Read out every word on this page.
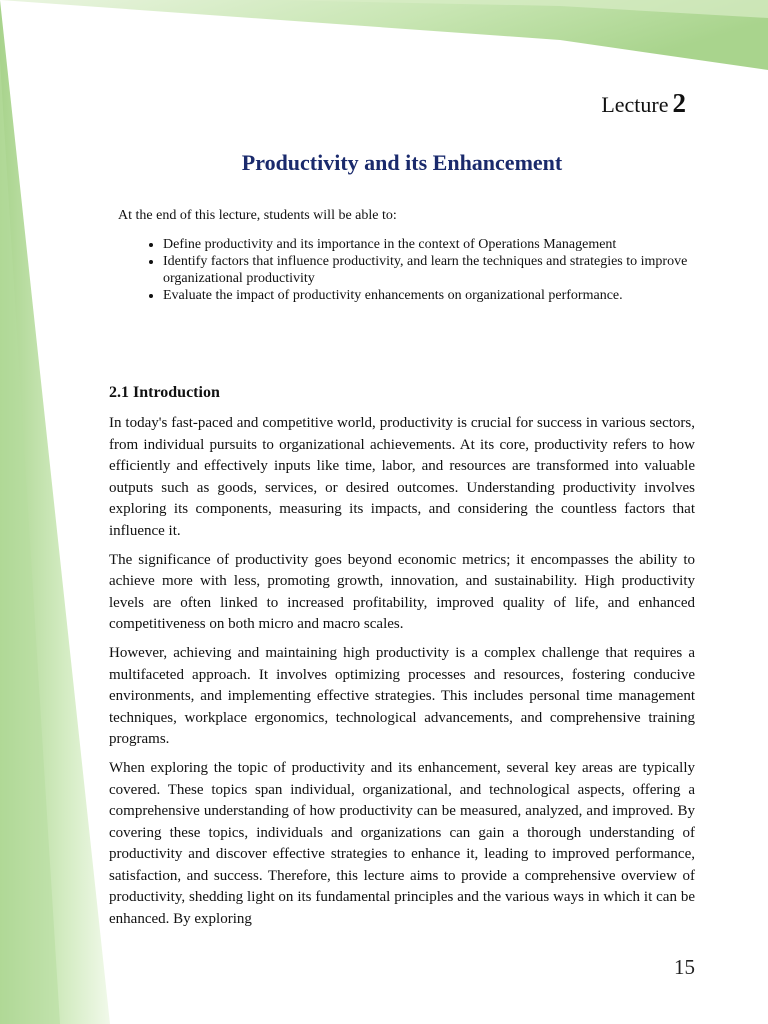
Lecture 2
Productivity and its Enhancement
At the end of this lecture, students will be able to:
• Define productivity and its importance in the context of Operations Management
• Identify factors that influence productivity, and learn the techniques and strategies to improve organizational productivity
• Evaluate the impact of productivity enhancements on organizational performance.
2.1 Introduction

In today's fast-paced and competitive world, productivity is crucial for success in various sectors, from individual pursuits to organizational achievements. At its core, productivity refers to how efficiently and effectively inputs like time, labor, and resources are transformed into valuable outputs such as goods, services, or desired outcomes. Understanding productivity involves exploring its components, measuring its impacts, and considering the countless factors that influence it.

The significance of productivity goes beyond economic metrics; it encompasses the ability to achieve more with less, promoting growth, innovation, and sustainability. High productivity levels are often linked to increased profitability, improved quality of life, and enhanced competitiveness on both micro and macro scales.

However, achieving and maintaining high productivity is a complex challenge that requires a multifaceted approach. It involves optimizing processes and resources, fostering conducive environments, and implementing effective strategies. This includes personal time management techniques, workplace ergonomics, technological advancements, and comprehensive training programs.

When exploring the topic of productivity and its enhancement, several key areas are typically covered. These topics span individual, organizational, and technological aspects, offering a comprehensive understanding of how productivity can be measured, analyzed, and improved. By covering these topics, individuals and organizations can gain a thorough understanding of productivity and discover effective strategies to enhance it, leading to improved performance, satisfaction, and success. Therefore, this lecture aims to provide a comprehensive overview of productivity, shedding light on its fundamental principles and the various ways in which it can be enhanced. By exploring

15
